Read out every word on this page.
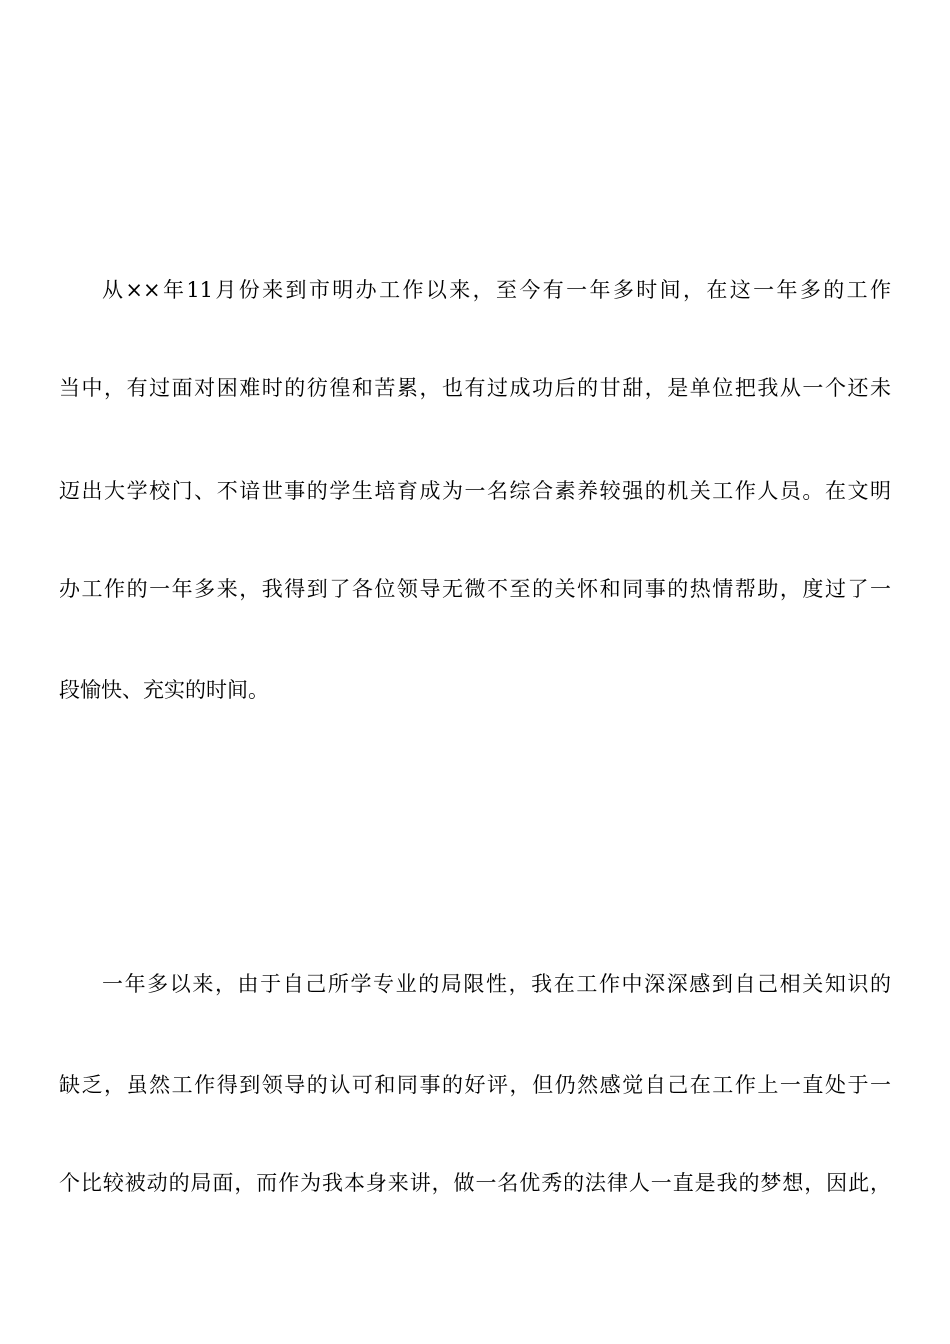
从××年11月份来到市明办工作以来，至今有一年多时间，在这一年多的工作
当中，有过面对困难时的彷徨和苦累，也有过成功后的甘甜，是单位把我从一个还未
迈出大学校门、不谙世事的学生培育成为一名综合素养较强的机关工作人员。在文明
办工作的一年多来，我得到了各位领导无微不至的关怀和同事的热情帮助，度过了一
段愉快、充实的时间。
一年多以来，由于自己所学专业的局限性，我在工作中深深感到自己相关知识的
缺乏，虽然工作得到领导的认可和同事的好评，但仍然感觉自己在工作上一直处于一
个比较被动的局面，而作为我本身来讲，做一名优秀的法律人一直是我的梦想，因此，
